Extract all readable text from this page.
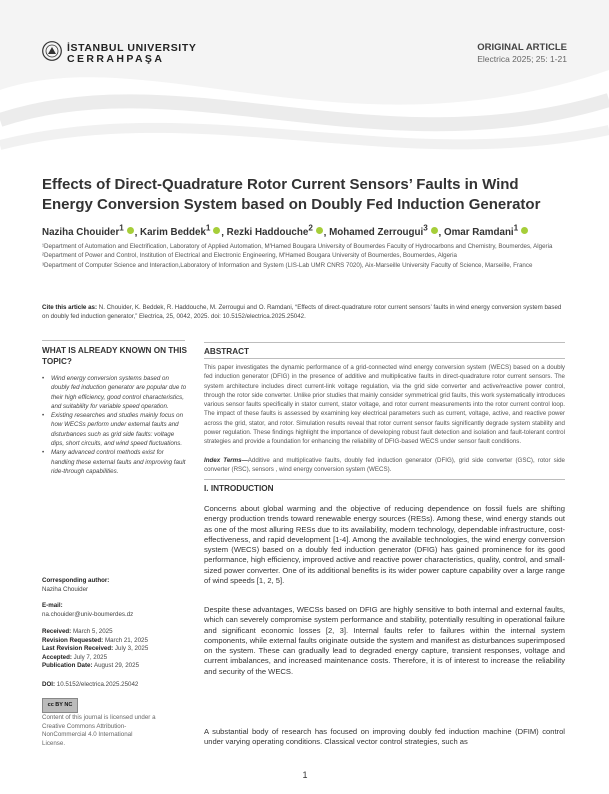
İSTANBUL UNIVERSITY
CERRAHPAŞA
ORIGINAL ARTICLE
Electrica 2025; 25: 1-21
Effects of Direct-Quadrature Rotor Current Sensors’ Faults in Wind Energy Conversion System based on Doubly Fed Induction Generator
Naziha Chouider$^1$ , Karim Beddek$^1$ , Rezki Haddouche$^2$ , Mohamed Zerrougui$^3$ , Omar Ramdani$^1$
¹Department of Automation and Electrification, Laboratory of Applied Automation, M'Hamed Bougara University of Boumerdes Faculty of Hydrocarbons and Chemistry, Boumerdes, Algeria
²Department of Power and Control, Institution of Electrical and Electronic Engineering, M'Hamed Bougara University of Boumerdes, Boumerdes, Algeria
³Department of Computer Science and Interaction,Laboratory of Information and System (LIS-Lab UMR CNRS 7020), Aix-Marseille University Faculty of Science, Marseille, France
Cite this article as: N. Chouider, K. Beddek, R. Haddouche, M. Zerrougui and O. Ramdani, “Effects of direct-quadrature rotor current sensors’ faults in wind energy conversion system based on doubly fed induction generator,” Electrica, 25, 0042, 2025. doi: 10.5152/electrica.2025.25042.
WHAT IS ALREADY KNOWN ON THIS TOPIC?
• Wind energy conversion systems based on doubly fed induction generator are popular due to their high efficiency, good control characteristics, and suitability for variable speed operation.
• Existing researches and studies mainly focus on how WECSs perform under external faults and disturbances such as grid side faults: voltage dips, short circuits, and wind speed fluctuations.
• Many advanced control methods exist for handling these external faults and improving fault ride-through capabilities.
Corresponding author:
Naziha Chouider
E-mail:
na.chouider@univ-boumerdes.dz
Received: March 5, 2025
Revision Requested: March 21, 2025
Last Revision Received: July 3, 2025
Accepted: July 7, 2025
Publication Date: August 29, 2025
DOI: 10.5152/electrica.2025.25042
cc BY NC
Content of this journal is licensed under a Creative Commons Attribution-NonCommercial 4.0 International License.
ABSTRACT
This paper investigates the dynamic performance of a grid-connected wind energy conversion system (WECS) based on a doubly fed induction generator (DFIG) in the presence of additive and multiplicative faults in direct-quadrature rotor current sensors. The system architecture includes direct current-link voltage regulation, via the grid side converter and active/reactive power control, through the rotor side converter. Unlike prior studies that mainly consider symmetrical grid faults, this work systematically introduces various sensor faults specifically in stator current, stator voltage, and rotor current measurements into the rotor current control loop. The impact of these faults is assessed by examining key electrical parameters such as current, voltage, active, and reactive power across the grid, stator, and rotor. Simulation results reveal that rotor current sensor faults significantly degrade system stability and power regulation. These findings highlight the importance of developing robust fault detection and isolation and fault-tolerant control strategies and provide a foundation for enhancing the reliability of DFIG-based WECS under sensor fault conditions.
Index Terms—Additive and multiplicative faults, doubly fed induction generator (DFIG), grid side converter (GSC), rotor side converter (RSC), sensors , wind energy conversion system (WECS).
I. INTRODUCTION
Concerns about global warming and the objective of reducing dependence on fossil fuels are shifting energy production trends toward renewable energy sources (RESs). Among these, wind energy stands out as one of the most alluring RESs due to its availability, modern technology, dependable infrastructure, cost-effectiveness, and rapid development [1-4]. Among the available technologies, the wind energy conversion system (WECS) based on a doubly fed induction generator (DFIG) has gained prominence for its good performance, high efficiency, improved active and reactive power characteristics, quality, control, and small-sized power converter. One of its additional benefits is its wider power capture capability over a large range of wind speeds [1, 2, 5].
Despite these advantages, WECSs based on DFIG are highly sensitive to both internal and external faults, which can severely compromise system performance and stability, potentially resulting in operational failure and significant economic losses [2, 3]. Internal faults refer to failures within the internal system components, while external faults originate outside the system and manifest as disturbances superimposed on the system. These can gradually lead to degraded energy capture, transient responses, voltage and current imbalances, and increased maintenance costs. Therefore, it is of interest to increase the reliability and security of the WECS.
A substantial body of research has focused on improving doubly fed induction machine (DFIM) control under varying operating conditions. Classical vector control strategies, such as
1
